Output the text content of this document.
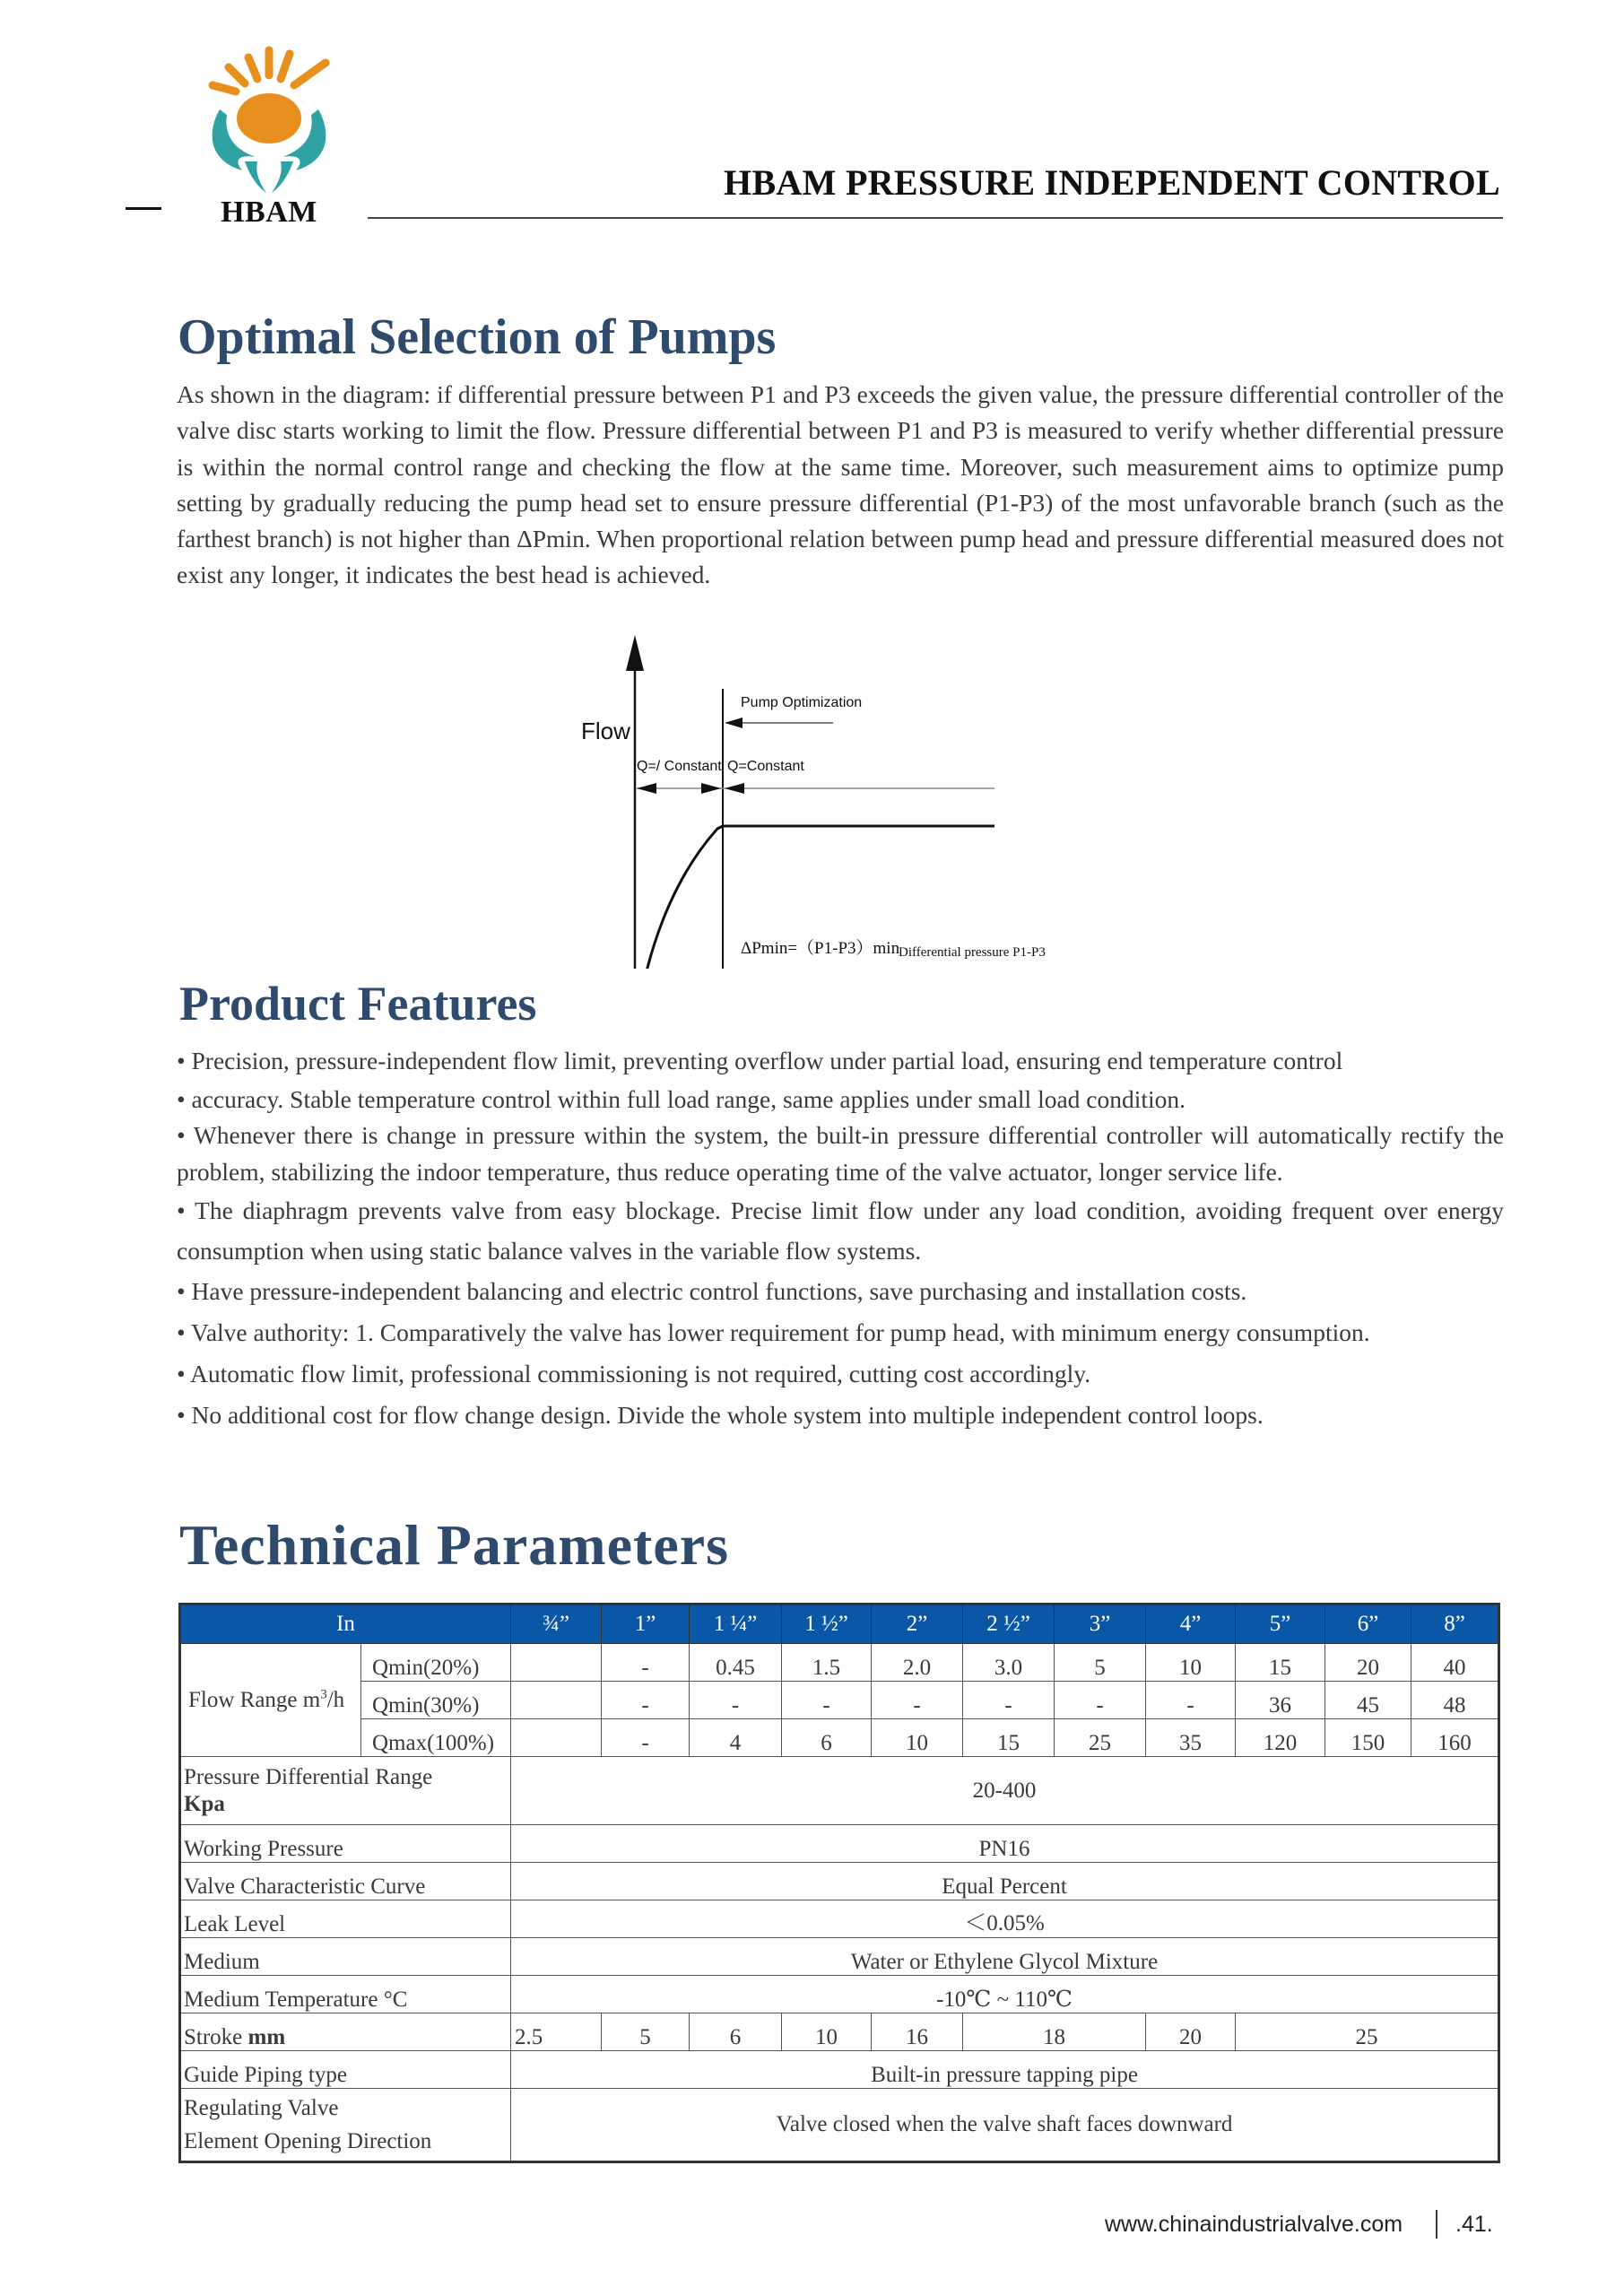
HBAM
HBAM PRESSURE INDEPENDENT CONTROL
Optimal Selection of Pumps
As shown in the diagram: if differential pressure between P1 and P3 exceeds the given value, the pressure differential controller of the valve disc starts working to limit the flow. Pressure differential between P1 and P3 is measured to verify whether differential pressure is within the normal control range and checking the flow at the same time. Moreover, such measurement aims to optimize pump setting by gradually reducing the pump head set to ensure pressure differential (P1-P3) of the most unfavorable branch (such as the farthest branch) is not higher than ΔPmin. When proportional relation between pump head and pressure differential measured does not exist any longer, it indicates the best head is achieved.
Flow
Pump Optimization
Q=/ Constant Q=Constant
ΔPmin=（P1-P3）min
Differential pressure P1-P3
Product Features

• Precision, pressure-independent flow limit, preventing overflow under partial load, ensuring end temperature control

• accuracy. Stable temperature control within full load range, same applies under small load condition.

• Whenever there is change in pressure within the system, the built-in pressure differential controller will automatically rectify the problem, stabilizing the indoor temperature, thus reduce operating time of the valve actuator, longer service life.

• The diaphragm prevents valve from easy blockage. Precise limit flow under any load condition, avoiding frequent over energy consumption when using static balance valves in the variable flow systems.

• Have pressure-independent balancing and electric control functions, save purchasing and installation costs.

• Valve authority: 1. Comparatively the valve has lower requirement for pump head, with minimum energy consumption.

• Automatic flow limit, professional commissioning is not required, cutting cost accordingly.

• No additional cost for flow change design. Divide the whole system into multiple independent control loops.

Technical Parameters
In		¾”	1”	1 ¼”	1 ½”	2”	2 ½”	3”	4”	5”	6”	8”
Flow Range $m^3/h$	Qmin(20%)		-	0.45	1.5	2.0	3.0	5	10	15	20	40
	Qmin(30%)		-	-	-	-	-	-	-	36	45	48
	Qmax(100%)		-	4	6	10	15	25	35	120	150	160
Pressure Differential Range
Kpa		20-400										
Working Pressure		PN16										
Valve Characteristic Curve		Equal Percent										
Leak Level		＜0.05%										
Medium		Water or Ethylene Glycol Mixture										
Medium Temperature °C		-10℃ ~ 110℃										
Stroke mm		2.5	5	6	10	16	18		20	25		
Guide Piping type		Built-in pressure tapping pipe										
Regulating Valve
Element Opening Direction		Valve closed when the valve shaft faces downward										
www.chinaindustrialvalve.com .41.
